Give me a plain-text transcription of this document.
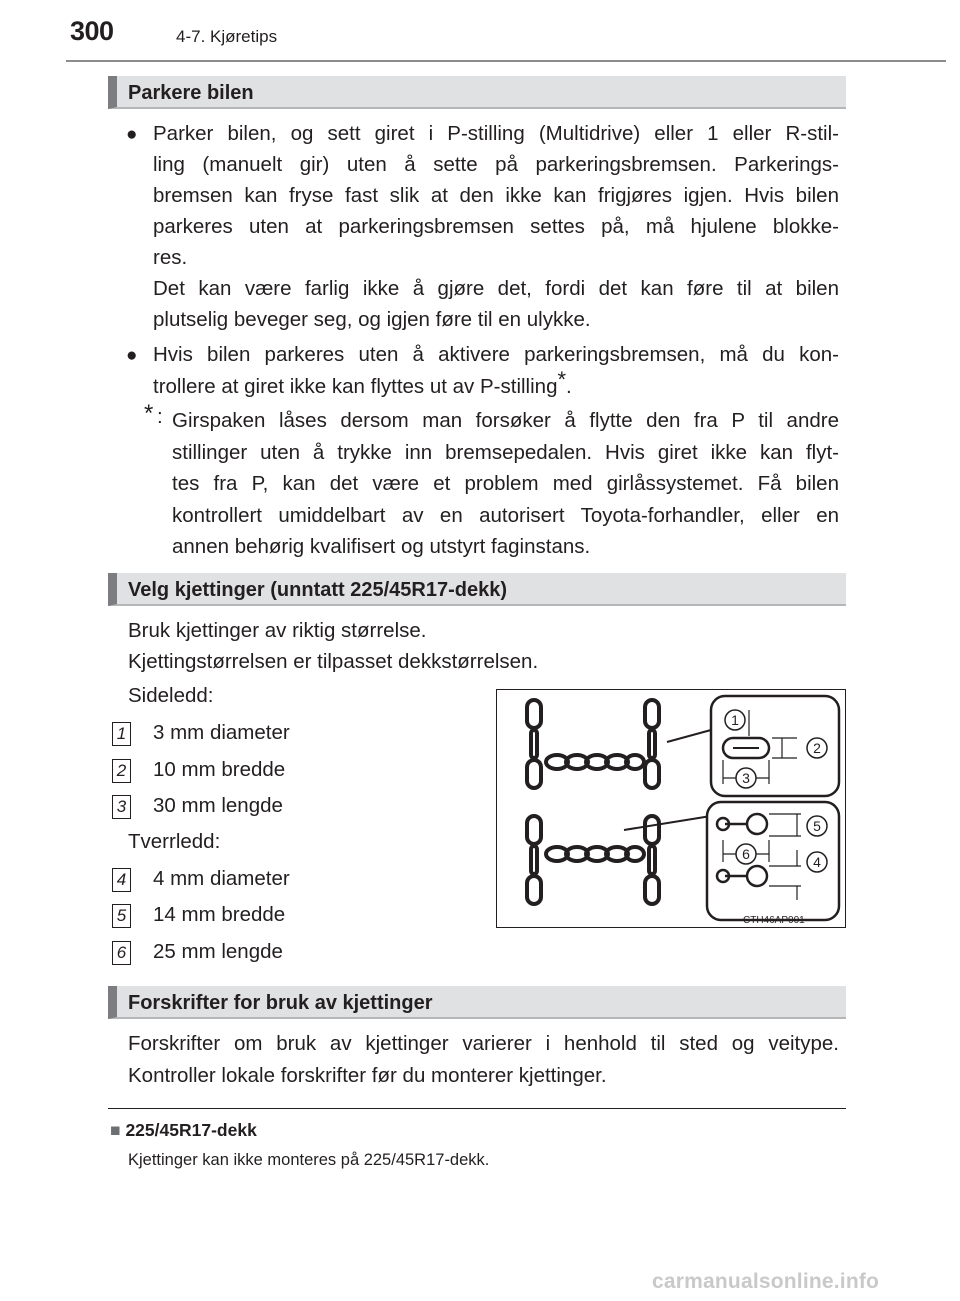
300	4-7. Kjøretips
Parkere bilen
● Parker bilen, og sett giret i P-stilling (Multidrive) eller 1 eller R-stil-
ling (manuelt gir) uten å sette på parkeringsbremsen. Parkerings-
bremsen kan fryse fast slik at den ikke kan frigjøres igjen. Hvis bilen
parkeres uten at parkeringsbremsen settes på, må hjulene blokke-
res.
Det kan være farlig ikke å gjøre det, fordi det kan føre til at bilen
plutselig beveger seg, og igjen føre til en ulykke.
● Hvis bilen parkeres uten å aktivere parkeringsbremsen, må du kon-
trollere at giret ikke kan flyttes ut av P-stilling*.
* : Girspaken låses dersom man forsøker å flytte den fra P til andre
stillinger uten å trykke inn bremsepedalen. Hvis giret ikke kan flyt-
tes fra P, kan det være et problem med girlåssystemet. Få bilen
kontrollert umiddelbart av en autorisert Toyota-forhandler, eller en
annen behørig kvalifisert og utstyrt faginstans.
Velg kjettinger (unntatt 225/45R17-dekk)
Bruk kjettinger av riktig størrelse.
Kjettingstørrelsen er tilpasset dekkstørrelsen.
Sideledd:
1 3 mm diameter
2 10 mm bredde
3 30 mm lengde
Tverrledd:
4 4 mm diameter
5 14 mm bredde
6 25 mm lengde
1
2
3
4
5
6
CTH46AP001
Forskrifter for bruk av kjettinger
Forskrifter om bruk av kjettinger varierer i henhold til sted og veitype.
Kontroller lokale forskrifter før du monterer kjettinger.
■ 225/45R17-dekk
Kjettinger kan ikke monteres på 225/45R17-dekk.
carmanualsonline.info
